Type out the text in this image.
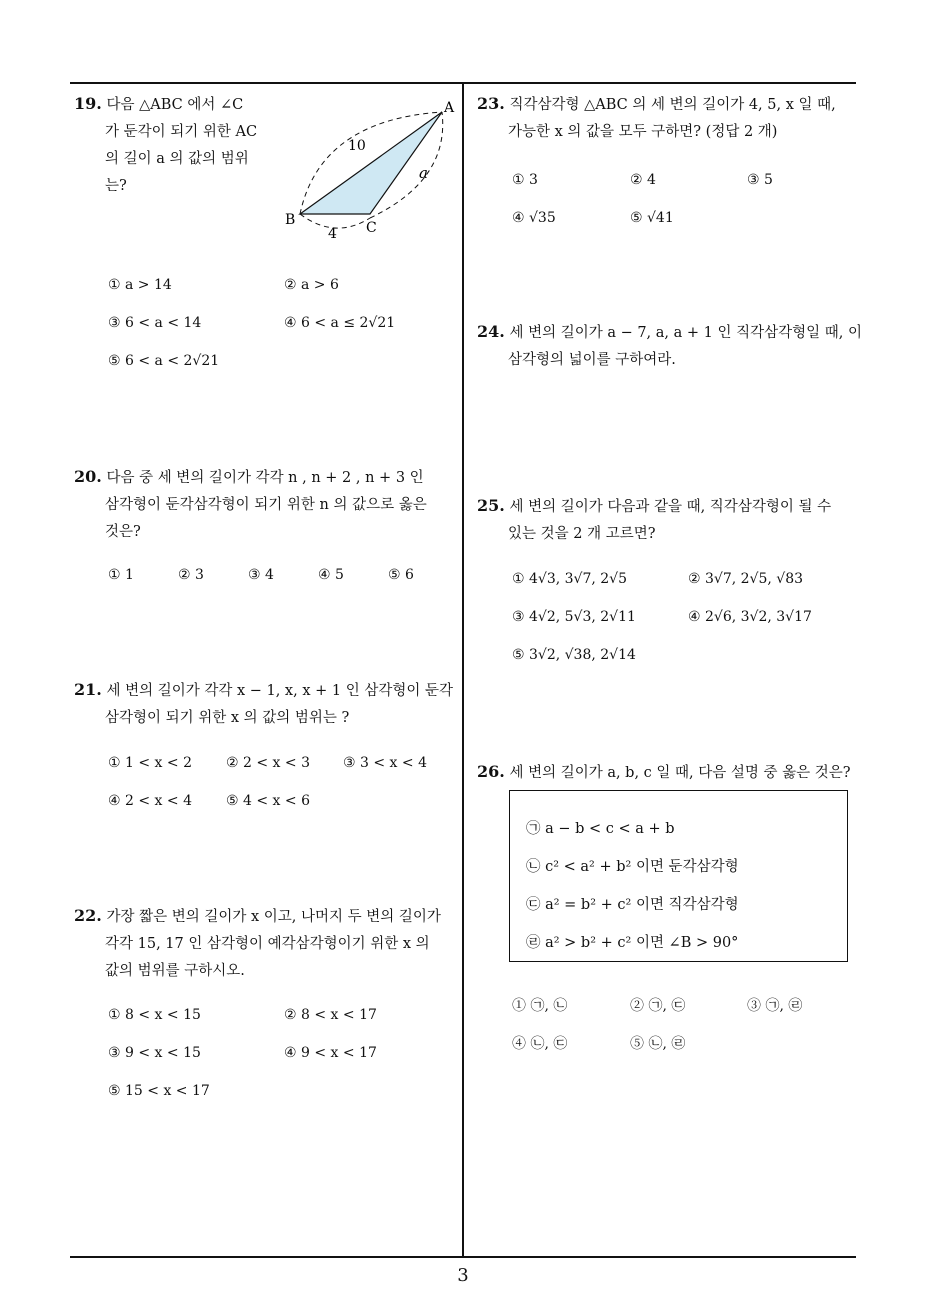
19. 다음 △ABC 에서 ∠C
가 둔각이 되기 위한 AC
의 길이 a 의 값의 범위
는?
A
B	C
10
4
a
① a > 14	② a > 6
③ 6 < a < 14	④ 6 < a ≤ 2√21
⑤ 6 < a < 2√21
20. 다음 중 세 변의 길이가 각각 n , n + 2 , n + 3 인
삼각형이 둔각삼각형이 되기 위한 n 의 값으로 옳은
것은?
① 1	② 3	③ 4	④ 5	⑤ 6
21. 세 변의 길이가 각각 x − 1, x, x + 1 인 삼각형이 둔각
삼각형이 되기 위한 x 의 값의 범위는 ?
① 1 < x < 2 ② 2 < x < 3 ③ 3 < x < 4
④ 2 < x < 4 ⑤ 4 < x < 6
22. 가장 짧은 변의 길이가 x 이고, 나머지 두 변의 길이가
각각 15, 17 인 삼각형이 예각삼각형이기 위한 x 의
값의 범위를 구하시오.
① 8 < x < 15	② 8 < x < 17
③ 9 < x < 15	④ 9 < x < 17
⑤ 15 < x < 17
23. 직각삼각형 △ABC 의 세 변의 길이가 4, 5, x 일 때,
가능한 x 의 값을 모두 구하면? (정답 2 개)
① 3	② 4	③ 5
④ √35	⑤ √41
24. 세 변의 길이가 a − 7, a, a + 1 인 직각삼각형일 때, 이
삼각형의 넓이를 구하여라.
25. 세 변의 길이가 다음과 같을 때, 직각삼각형이 될 수
있는 것을 2 개 고르면?
① 4√3, 3√7, 2√5	② 3√7, 2√5, √83
③ 4√2, 5√3, 2√11	④ 2√6, 3√2, 3√17
⑤ 3√2, √38, 2√14
26. 세 변의 길이가 a, b, c 일 때, 다음 설명 중 옳은 것은?
㉠ a − b < c < a + b
㉡ c² < a² + b² 이면 둔각삼각형
㉢ a² = b² + c² 이면 직각삼각형
㉣ a² > b² + c² 이면 ∠B > 90°
① ㉠, ㉡	② ㉠, ㉢	③ ㉠, ㉣
④ ㉡, ㉢	⑤ ㉡, ㉣
3
